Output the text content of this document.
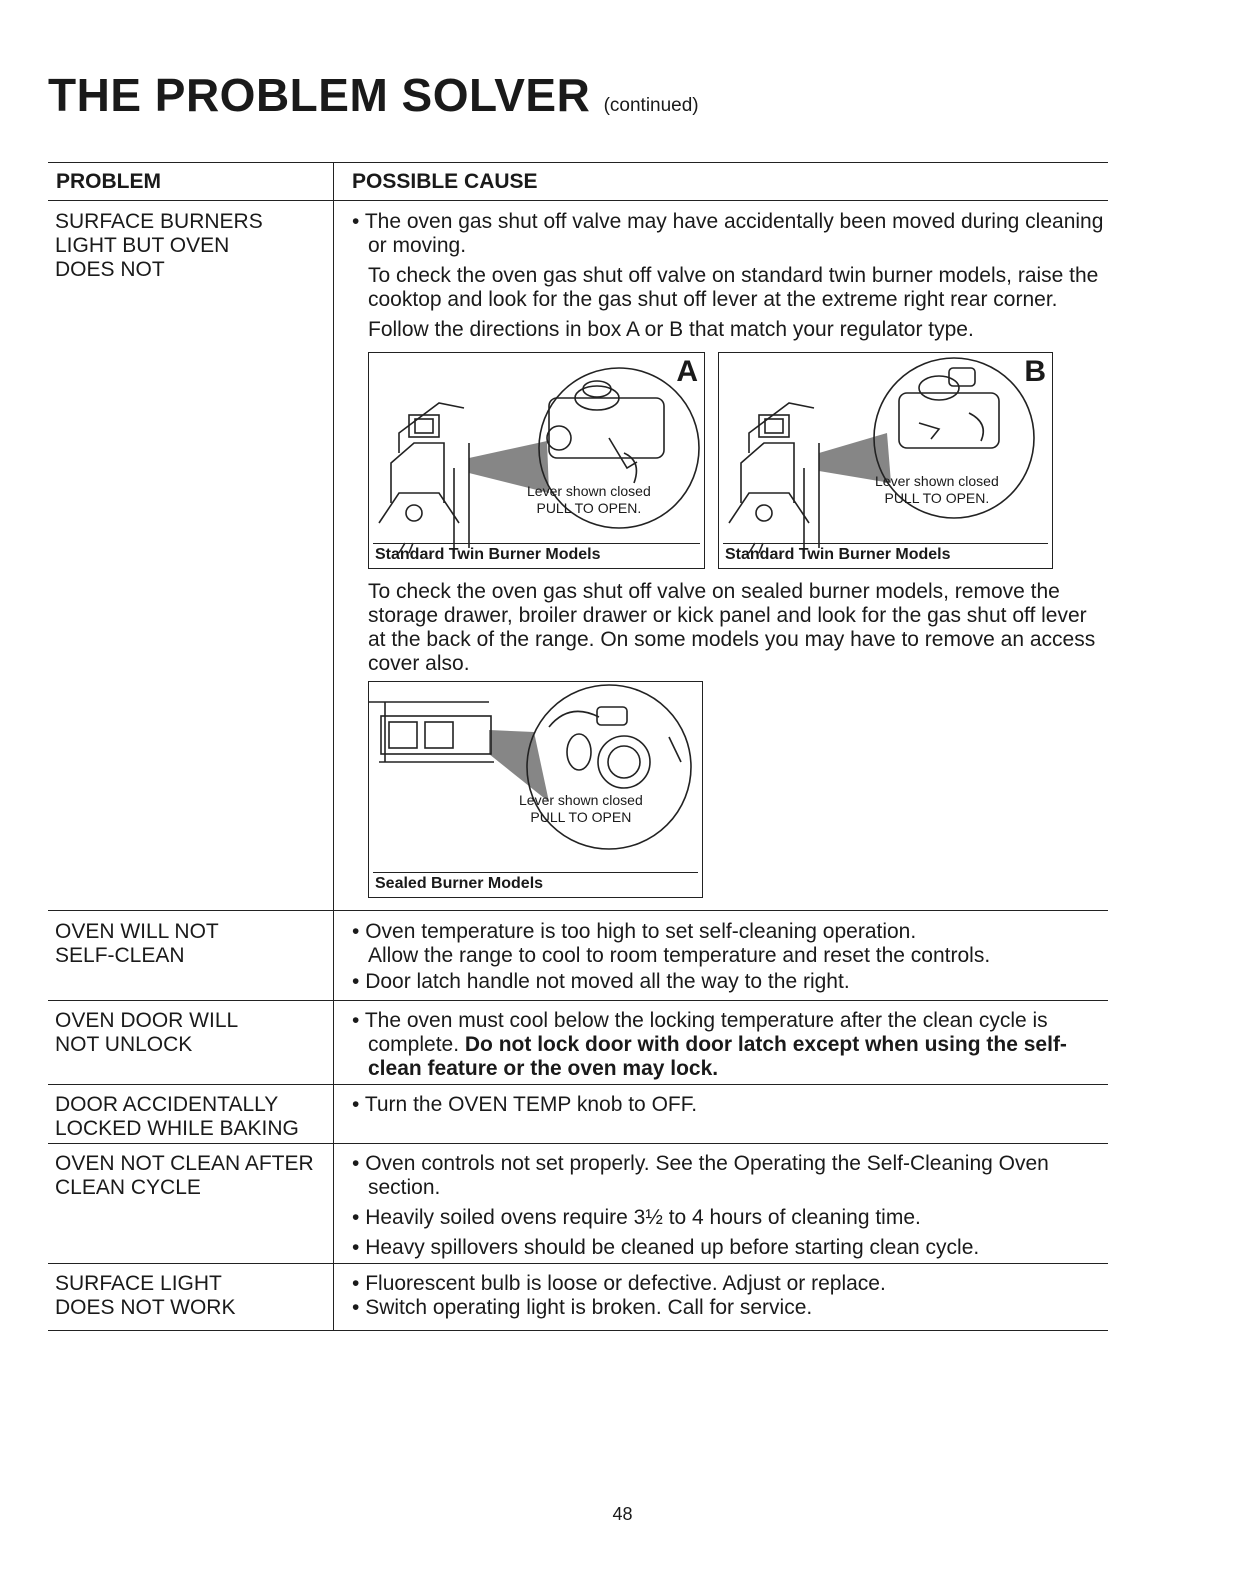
THE PROBLEM SOLVER (continued)
PROBLEM	POSSIBLE CAUSE
SURFACE BURNERS
LIGHT BUT OVEN
DOES NOT

• The oven gas shut off valve may have accidentally been moved during cleaning or moving.

To check the oven gas shut off valve on standard twin burner models, raise the cooktop and look for the gas shut off lever at the extreme right rear corner.

Follow the directions in box A or B that match your regulator type.

A
Lever shown closed
PULL TO OPEN.
Standard Twin Burner Models
B
Lever shown closed
PULL TO OPEN.
Standard Twin Burner Models

To check the oven gas shut off valve on sealed burner models, remove the storage drawer, broiler drawer or kick panel and look for the gas shut off lever at the back of the range. On some models you may have to remove an access cover also.

Lever shown closed
PULL TO OPEN
Sealed Burner Models
OVEN WILL NOT
SELF-CLEAN

• Oven temperature is too high to set self-cleaning operation.

Allow the range to cool to room temperature and reset the controls.

• Door latch handle not moved all the way to the right.

OVEN DOOR WILL
NOT UNLOCK

• The oven must cool below the locking temperature after the clean cycle is complete. Do not lock door with door latch except when using the self-clean feature or the oven may lock.

DOOR ACCIDENTALLY
LOCKED WHILE BAKING

• Turn the OVEN TEMP knob to OFF.

OVEN NOT CLEAN AFTER
CLEAN CYCLE

• Oven controls not set properly. See the Operating the Self-Cleaning Oven section.

• Heavily soiled ovens require 3½ to 4 hours of cleaning time.

• Heavy spillovers should be cleaned up before starting clean cycle.

SURFACE LIGHT
DOES NOT WORK

• Fluorescent bulb is loose or defective. Adjust or replace.

• Switch operating light is broken. Call for service.

48
